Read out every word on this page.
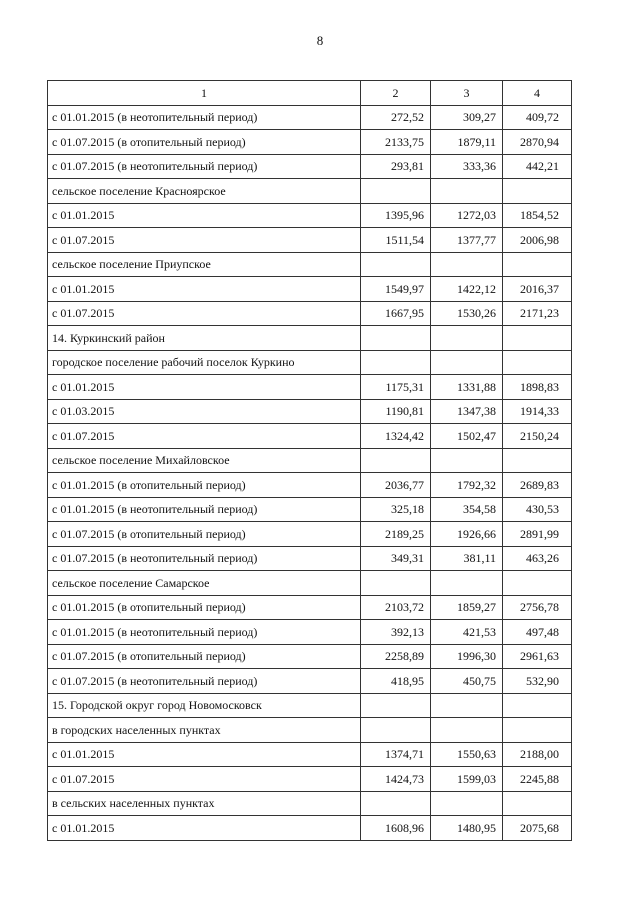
8
1	2	3	4
с 01.01.2015 (в неотопительный период)	272,52	309,27	409,72
с 01.07.2015 (в отопительный период)	2133,75	1879,11	2870,94
с 01.07.2015 (в неотопительный период)	293,81	333,36	442,21
сельское поселение Красноярское			
с 01.01.2015	1395,96	1272,03	1854,52
с 01.07.2015	1511,54	1377,77	2006,98
сельское поселение Приупское			
с 01.01.2015	1549,97	1422,12	2016,37
с 01.07.2015	1667,95	1530,26	2171,23
14. Куркинский район			
городское поселение рабочий поселок Куркино			
с 01.01.2015	1175,31	1331,88	1898,83
с 01.03.2015	1190,81	1347,38	1914,33
с 01.07.2015	1324,42	1502,47	2150,24
сельское поселение Михайловское			
с 01.01.2015 (в отопительный период)	2036,77	1792,32	2689,83
с 01.01.2015 (в неотопительный период)	325,18	354,58	430,53
с 01.07.2015 (в отопительный период)	2189,25	1926,66	2891,99
с 01.07.2015 (в неотопительный период)	349,31	381,11	463,26
сельское поселение Самарское			
с 01.01.2015 (в отопительный период)	2103,72	1859,27	2756,78
с 01.01.2015 (в неотопительный период)	392,13	421,53	497,48
с 01.07.2015 (в отопительный период)	2258,89	1996,30	2961,63
с 01.07.2015 (в неотопительный период)	418,95	450,75	532,90
15. Городской округ город Новомосковск			
в городских населенных пунктах			
с 01.01.2015	1374,71	1550,63	2188,00
с 01.07.2015	1424,73	1599,03	2245,88
в сельских населенных пунктах			
с 01.01.2015	1608,96	1480,95	2075,68
